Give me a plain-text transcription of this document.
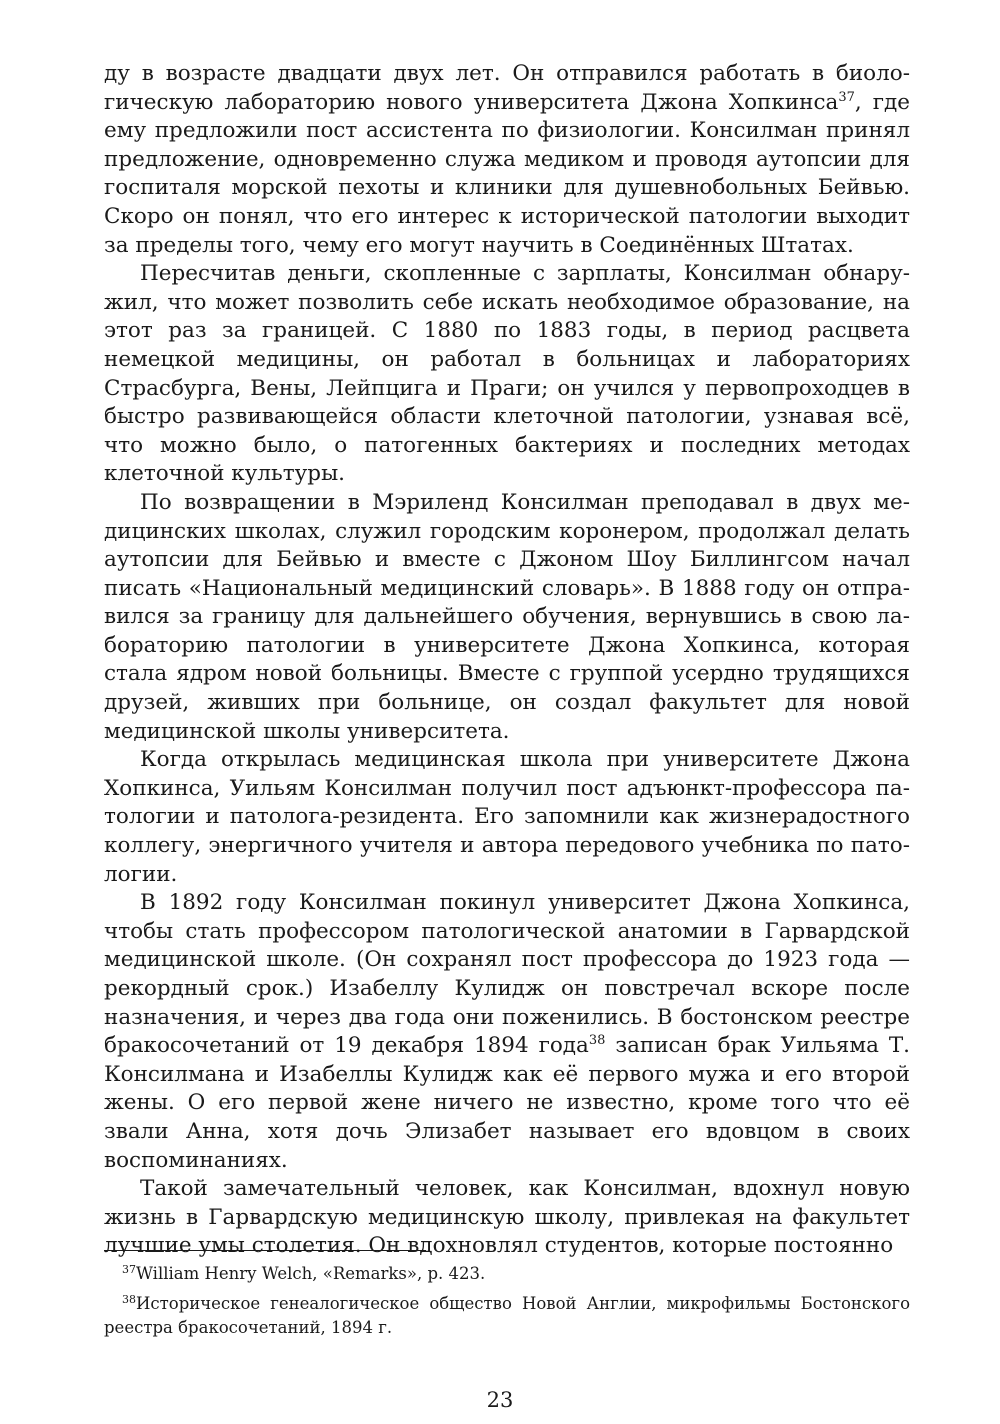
ду в возрасте двадцати двух лет. Он отправился работать в биологическую лабораторию нового университета Джона Хопкинса$^{37}$, где ему предложили пост ассистента по физиологии. Консилман принял предложение, одновременно служа медиком и проводя аутопсии для госпиталя морской пехоты и клиники для душевнобольных Бейвью. Скоро он понял, что его интерес к исторической патологии выходит за пределы того, чему его могут научить в Соединённых Штатах.

Пересчитав деньги, скопленные с зарплаты, Консилман обнаружил, что может позволить себе искать необходимое образование, на этот раз за границей. С 1880 по 1883 годы, в период расцвета немецкой медицины, он работал в больницах и лабораториях Страсбурга, Вены, Лейпцига и Праги; он учился у первопроходцев в быстро развивающейся области клеточной патологии, узнавая всё, что можно было, о патогенных бактериях и последних методах клеточной культуры.

По возвращении в Мэриленд Консилман преподавал в двух медицинских школах, служил городским коронером, продолжал делать аутопсии для Бейвью и вместе с Джоном Шоу Биллингсом начал писать «Национальный медицинский словарь». В 1888 году он отправился за границу для дальнейшего обучения, вернувшись в свою лабораторию патологии в университете Джона Хопкинса, которая стала ядром новой больницы. Вместе с группой усердно трудящихся друзей, живших при больнице, он создал факультет для новой медицинской школы университета.

Когда открылась медицинская школа при университете Джона Хопкинса, Уильям Консилман получил пост адъюнкт-профессора патологии и патолога-резидента. Его запомнили как жизнерадостного коллегу, энергичного учителя и автора передового учебника по патологии.

В 1892 году Консилман покинул университет Джона Хопкинса, чтобы стать профессором патологической анатомии в Гарвардской медицинской школе. (Он сохранял пост профессора до 1923 года — рекордный срок.) Изабеллу Кулидж он повстречал вскоре после назначения, и через два года они поженились. В бостонском реестре бракосочетаний от 19 декабря 1894 года$^{38}$ записан брак Уильяма Т. Консилмана и Изабеллы Кулидж как её первого мужа и его второй жены. О его первой жене ничего не известно, кроме того что её звали Анна, хотя дочь Элизабет называет его вдовцом в своих воспоминаниях.

Такой замечательный человек, как Консилман, вдохнул новую жизнь в Гарвардскую медицинскую школу, привлекая на факультет лучшие умы столетия. Он вдохновлял студентов, которые постоянно

$^{37}$William Henry Welch, «Remarks», p. 423.

$^{38}$Историческое генеалогическое общество Новой Англии, микрофильмы Бостонского реестра бракосочетаний, 1894 г.

23
